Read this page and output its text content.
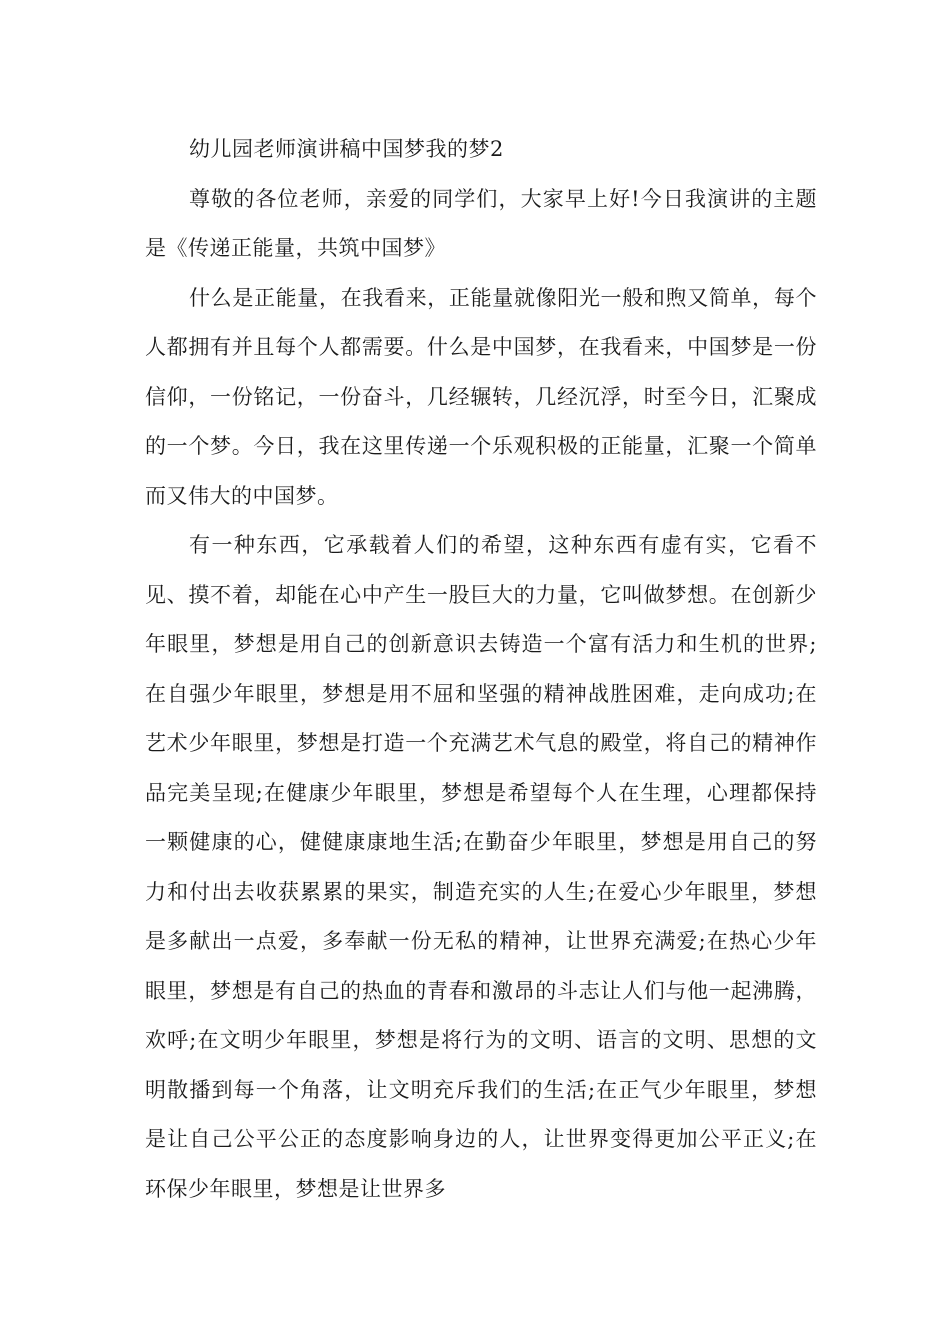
幼儿园老师演讲稿中国梦我的梦2

尊敬的各位老师，亲爱的同学们，大家早上好!今日我演讲的主题是《传递正能量，共筑中国梦》

什么是正能量，在我看来，正能量就像阳光一般和煦又简单，每个人都拥有并且每个人都需要。什么是中国梦，在我看来，中国梦是一份信仰，一份铭记，一份奋斗，几经辗转，几经沉浮，时至今日，汇聚成的一个梦。今日，我在这里传递一个乐观积极的正能量，汇聚一个简单而又伟大的中国梦。

有一种东西，它承载着人们的希望，这种东西有虚有实，它看不见、摸不着，却能在心中产生一股巨大的力量，它叫做梦想。在创新少年眼里，梦想是用自己的创新意识去铸造一个富有活力和生机的世界;在自强少年眼里，梦想是用不屈和坚强的精神战胜困难，走向成功;在艺术少年眼里，梦想是打造一个充满艺术气息的殿堂，将自己的精神作品完美呈现;在健康少年眼里，梦想是希望每个人在生理，心理都保持一颗健康的心，健健康康地生活;在勤奋少年眼里，梦想是用自己的努力和付出去收获累累的果实，制造充实的人生;在爱心少年眼里，梦想是多献出一点爱，多奉献一份无私的精神，让世界充满爱;在热心少年眼里，梦想是有自己的热血的青春和激昂的斗志让人们与他一起沸腾，欢呼;在文明少年眼里，梦想是将行为的文明、语言的文明、思想的文明散播到每一个角落，让文明充斥我们的生活;在正气少年眼里，梦想是让自己公平公正的态度影响身边的人，让世界变得更加公平正义;在环保少年眼里，梦想是让世界多
